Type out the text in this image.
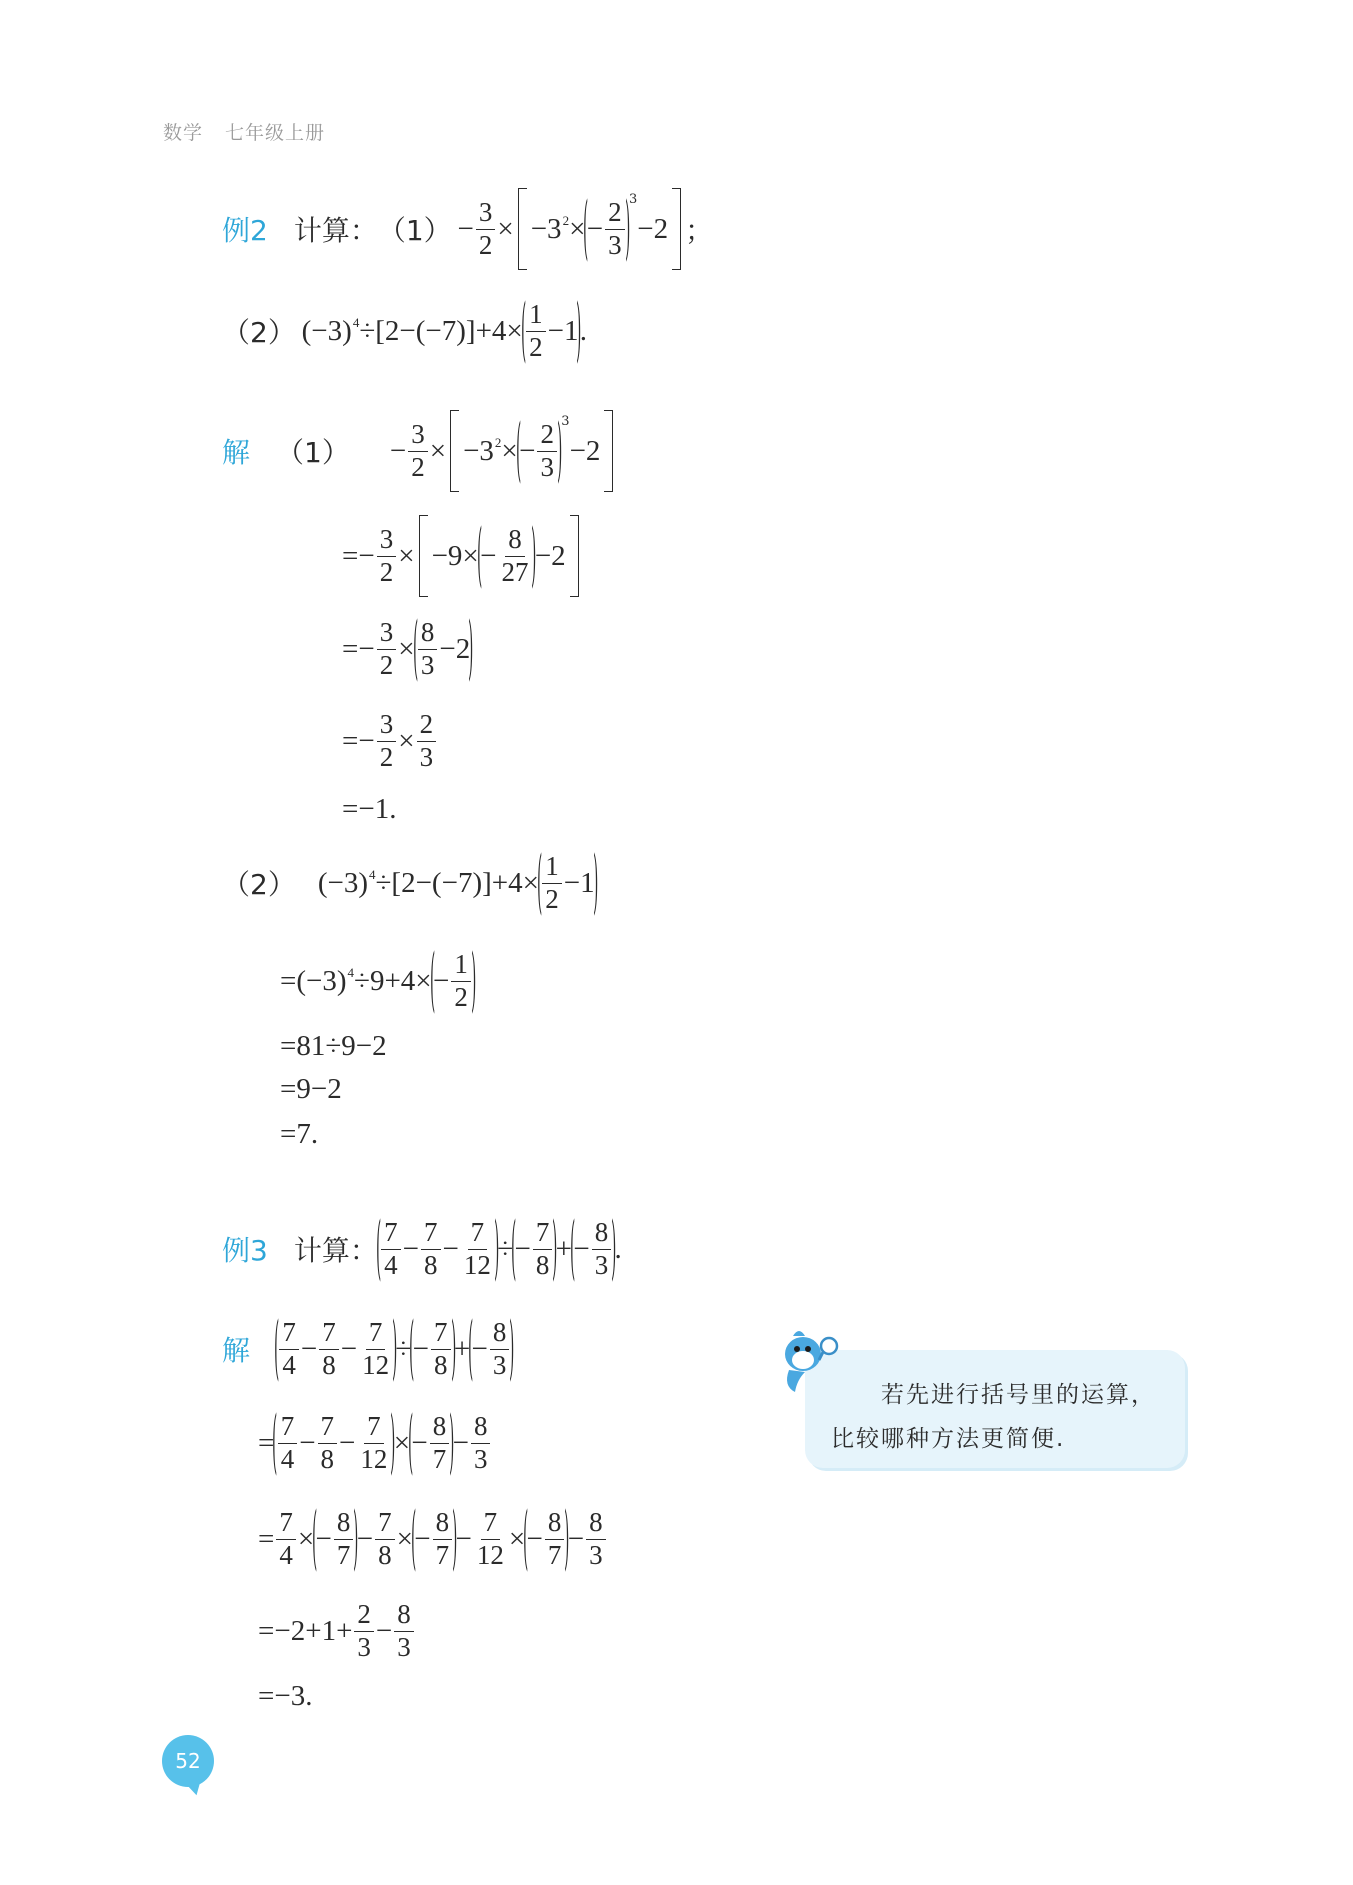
数学 七年级上册
例2 计算： $(1) - \frac{3}{2} \times -3^2\times$
(
− $\frac{2}{3}$ ) 3
−2 ；
（2）  $(-3)^4\div[2-(-7)]+4\times$
( $\frac{1}{2} -1$
)
.
解 $(1) - \frac{3}{2} \times -3^2\times$
(
− $\frac{2}{3}$ ) 3
−2
=− $\frac{3}{2} \times -9\times$
(
− $\frac{8}{27}$ )
−2
=− $\frac{3}{2}$ ×
( $\frac{8}{3} -2$
)
=− $\frac{3}{2} \times \frac{2}{3}$
=−1.
（2） $(-3)^4\div[2-(-7)]+4\times$
( $\frac{1}{2} -1$
)
$=(-3)^4\div 9+4\times$
(
− $\frac{1}{2}$ )
=81÷9−2
=9−2
=7.
例3 计算：
( $\frac{7}{4} - \frac{7}{8} - \frac{7}{12}$ )
÷
(
− $\frac{7}{8}$ )
+
(
− $\frac{8}{3}$ )
.
解 ( $\frac{7}{4} - \frac{7}{8} - \frac{7}{12}$ )
÷
(
− $\frac{7}{8}$ )
+
(
− $\frac{8}{3}$ )
=
( $\frac{7}{4} - \frac{7}{8} - \frac{7}{12}$ )
×
(
− $\frac{8}{7}$ )
− $\frac{8}{3}$
= $\frac{7}{4}$ ×
(
− $\frac{8}{7}$ )
− $\frac{7}{8}$ ×
(
− $\frac{8}{7}$ )
− $\frac{7}{12}$ ×
(
− $\frac{8}{7}$ )
− $\frac{8}{3}$
$=-2+1+ \frac{2}{3} - \frac{8}{3}$
=−3.
若先进行括号里的运算，
比较哪种方法更简便.
52
